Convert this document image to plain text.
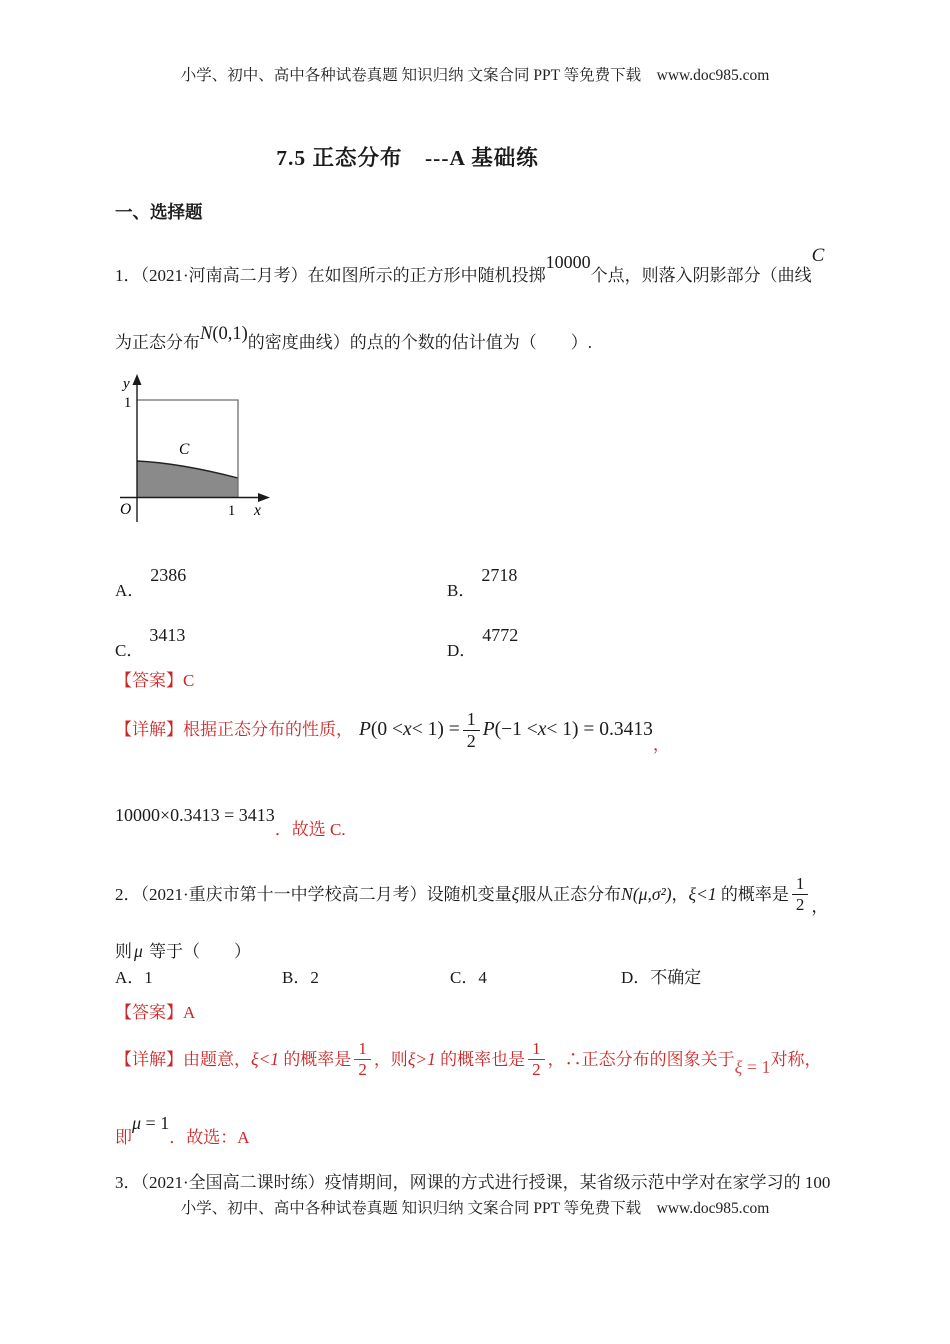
小学、初中、高中各种试卷真题 知识归纳 文案合同 PPT 等免费下载　www.doc985.com
7.5 正态分布　---A 基础练
一、选择题
1．（2021·河南高二月考）在如图所示的正方形中随机投掷10000个点，则落入阴影部分（曲线C
为正态分布N(0,1)的密度曲线）的点的个数的估计值为（　　）.
y
1
C
O	1 x
A．2386B．2718
C．3413D．4772
【答案】C
【详解】根据正态分布的性质， P $(0 < x < 1) = \frac{1}{2}$ P (−1 < x < 1) = 0.3413
，
10000×0.3413 = 3413．故选 C.
2．（2021·重庆市第十一中学校高二月考）设随机变量ξ服从正态分布N(μ,σ²)，ξ<1 的概率是 $\frac{1}{2}$ ，
则 μ 等于（　　）
A．1	B．2	C．4	D．不确定
【答案】A
【详解】由题意，ξ<1 的概率是 $\frac{1}{2}$ ，则ξ>1 的概率也是 $\frac{1}{2}$ ，∴正态分布的图象关于ξ = 1对称，
即μ = 1．故选：A
3．（2021·全国高二课时练）疫情期间，网课的方式进行授课，某省级示范中学对在家学习的 100
小学、初中、高中各种试卷真题 知识归纳 文案合同 PPT 等免费下载　www.doc985.com
